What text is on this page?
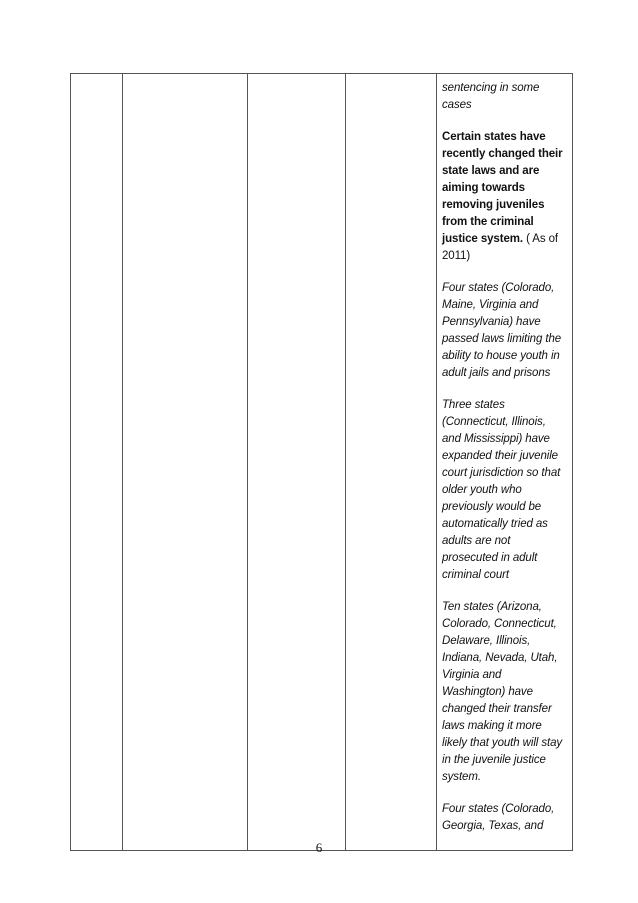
sentencing in some cases

Certain states have recently changed their state laws and are aiming towards removing juveniles from the criminal justice system. ( As of 2011)

Four states (Colorado, Maine, Virginia and Pennsylvania) have passed laws limiting the ability to house youth in adult jails and prisons

Three states (Connecticut, Illinois, and Mississippi) have expanded their juvenile court jurisdiction so that older youth who previously would be automatically tried as adults are not prosecuted in adult criminal court

Ten states (Arizona, Colorado, Connecticut, Delaware, Illinois, Indiana, Nevada, Utah, Virginia and Washington) have changed their transfer laws making it more likely that youth will stay in the juvenile justice system.

Four states (Colorado, Georgia, Texas, and

6
